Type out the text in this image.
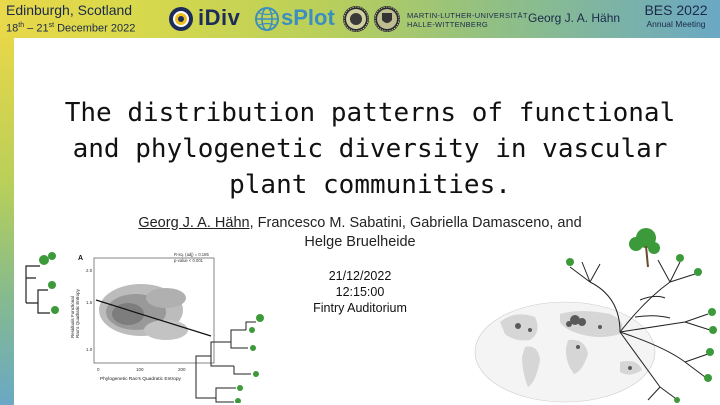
Edinburgh, Scotland
18th – 21st December 2022	iDiv sPlot	MARTIN-LUTHER-UNIVERSITÄT
HALLE-WITTENBERG	Georg J. A. Hähn	BES 2022
Annual Meeting
The distribution patterns of functional
and phylogenetic diversity in vascular
plant communities.
Georg J. A. Hähn, Francesco M. Sabatini, Gabriella Damasceno, and
Helge Bruelheide
21/12/2022
12:15:00
Fintry Auditorium
A
R-sq. (adj) = 0.185
p-value < 0.001
2.0
1.5
1.0
0	100	200
Phylogenetic Rao's Quadratic Entropy
Residuals Functional Rao's Quadratic Entropy
